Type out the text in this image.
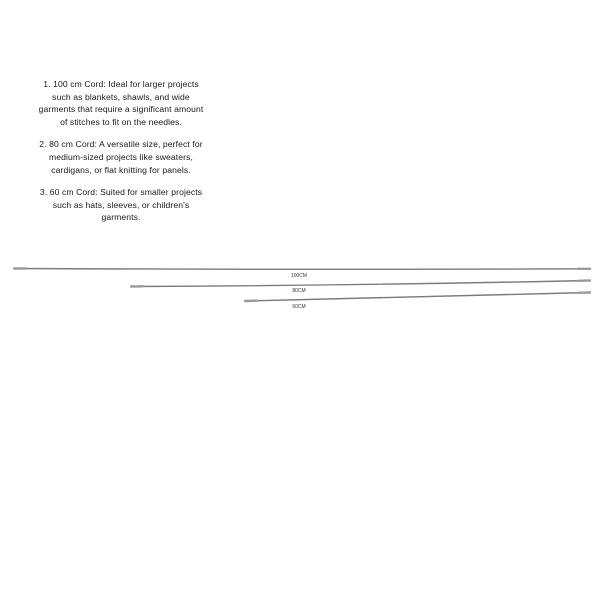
1. 100 cm Cord: Ideal for larger projects
such as blankets, shawls, and wide
garments that require a significant amount
of stitches to fit on the needles.

2. 80 cm Cord: A versatile size, perfect for
medium-sized projects like sweaters,
cardigans, or flat knitting for panels.

3. 60 cm Cord: Suited for smaller projects
such as hats, sleeves, or children's
garments.

100CM
80CM
60CM
